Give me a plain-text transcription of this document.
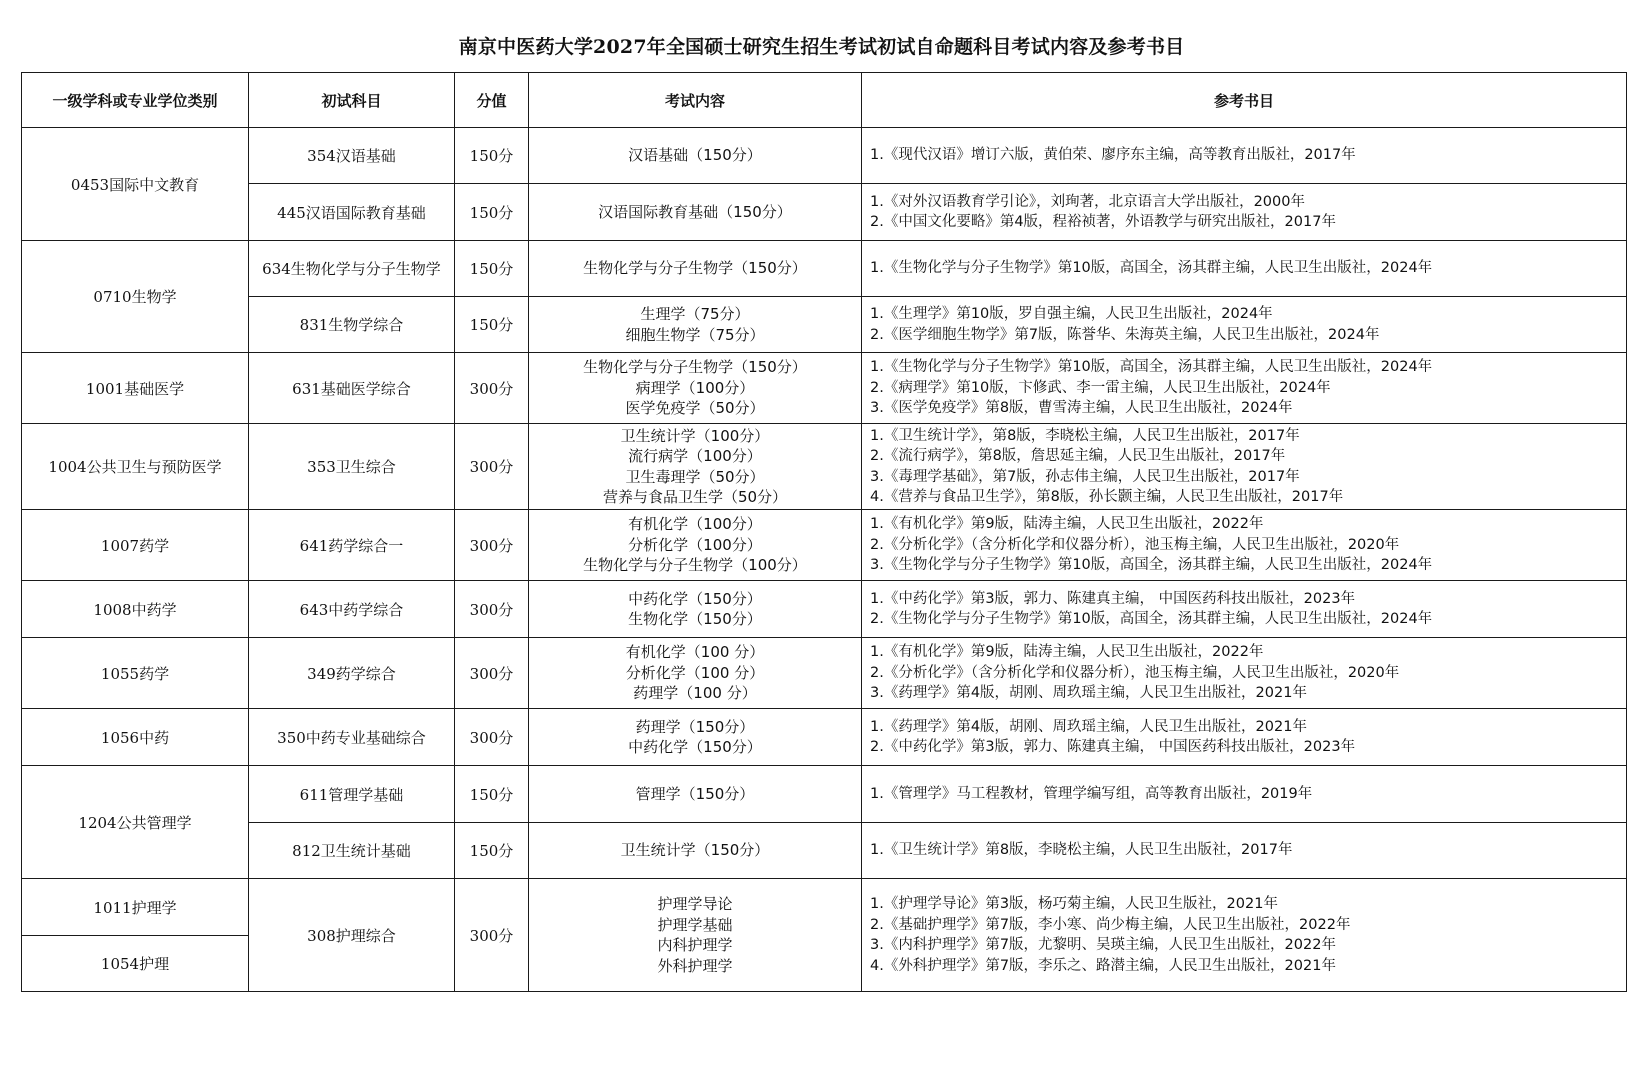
南京中医药大学2027年全国硕士研究生招生考试初试自命题科目考试内容及参考书目
一级学科或专业学位类别	初试科目	分值	考试内容	参考书目
0453国际中文教育	354汉语基础	150分	汉语基础（150分）	1.《现代汉语》增订六版，黄伯荣、廖序东主编，高等教育出版社，2017年

	445汉语国际教育基础	150分	汉语国际教育基础（150分）	1.《对外汉语教育学引论》，刘珣著，北京语言大学出版社，2000年
2.《中国文化要略》第4版，程裕祯著，外语教学与研究出版社，2017年

0710生物学	634生物化学与分子生物学	150分	生物化学与分子生物学（150分）	1.《生物化学与分子生物学》第10版，高国全，汤其群主编，人民卫生出版社，2024年

	831生物学综合	150分	生理学（75分）
细胞生物学（75分）	1.《生理学》第10版，罗自强主编，人民卫生出版社，2024年
2.《医学细胞生物学》第7版，陈誉华、朱海英主编，人民卫生出版社，2024年

1001基础医学	631基础医学综合	300分	生物化学与分子生物学（150分）
病理学（100分）
医学免疫学（50分）	1.《生物化学与分子生物学》第10版，高国全，汤其群主编，人民卫生出版社，2024年
2.《病理学》第10版，卞修武、李一雷主编，人民卫生出版社，2024年
3.《医学免疫学》第8版，曹雪涛主编，人民卫生出版社，2024年

1004公共卫生与预防医学	353卫生综合	300分	卫生统计学（100分）
流行病学（100分）
卫生毒理学（50分）
营养与食品卫生学（50分）	1.《卫生统计学》，第8版，李晓松主编，人民卫生出版社，2017年
2.《流行病学》，第8版，詹思延主编，人民卫生出版社，2017年
3.《毒理学基础》，第7版，孙志伟主编，人民卫生出版社，2017年
4.《营养与食品卫生学》，第8版，孙长颢主编，人民卫生出版社，2017年

1007药学	641药学综合一	300分	有机化学（100分）
分析化学（100分）
生物化学与分子生物学（100分）	1.《有机化学》第9版，陆涛主编，人民卫生出版社，2022年
2.《分析化学》（含分析化学和仪器分析），池玉梅主编，人民卫生出版社，2020年
3.《生物化学与分子生物学》第10版，高国全，汤其群主编，人民卫生出版社，2024年

1008中药学	643中药学综合	300分	中药化学（150分）
生物化学（150分）	1.《中药化学》第3版，郭力、陈建真主编， 中国医药科技出版社，2023年
2.《生物化学与分子生物学》第10版，高国全，汤其群主编，人民卫生出版社，2024年

1055药学	349药学综合	300分	有机化学（100 分）
分析化学（100 分）
药理学（100 分）	1.《有机化学》第9版，陆涛主编，人民卫生出版社，2022年
2.《分析化学》（含分析化学和仪器分析），池玉梅主编，人民卫生出版社，2020年
3.《药理学》第4版，胡刚、周玖瑶主编，人民卫生出版社，2021年

1056中药	350中药专业基础综合	300分	药理学（150分）
中药化学（150分）	1.《药理学》第4版，胡刚、周玖瑶主编，人民卫生出版社，2021年
2.《中药化学》第3版，郭力、陈建真主编， 中国医药科技出版社，2023年

1204公共管理学	611管理学基础	150分	管理学（150分）	1.《管理学》马工程教材，管理学编写组，高等教育出版社，2019年

	812卫生统计基础	150分	卫生统计学（150分）	1.《卫生统计学》第8版，李晓松主编，人民卫生出版社，2017年

1011护理学	308护理综合	300分	护理学导论
护理学基础
内科护理学
外科护理学	1.《护理学导论》第3版，杨巧菊主编，人民卫生版社，2021年
2.《基础护理学》第7版，李小寒、尚少梅主编，人民卫生出版社，2022年
3.《内科护理学》第7版，尤黎明、吴瑛主编，人民卫生出版社，2022年
4.《外科护理学》第7版，李乐之、路潜主编，人民卫生出版社，2021年

1054护理				
